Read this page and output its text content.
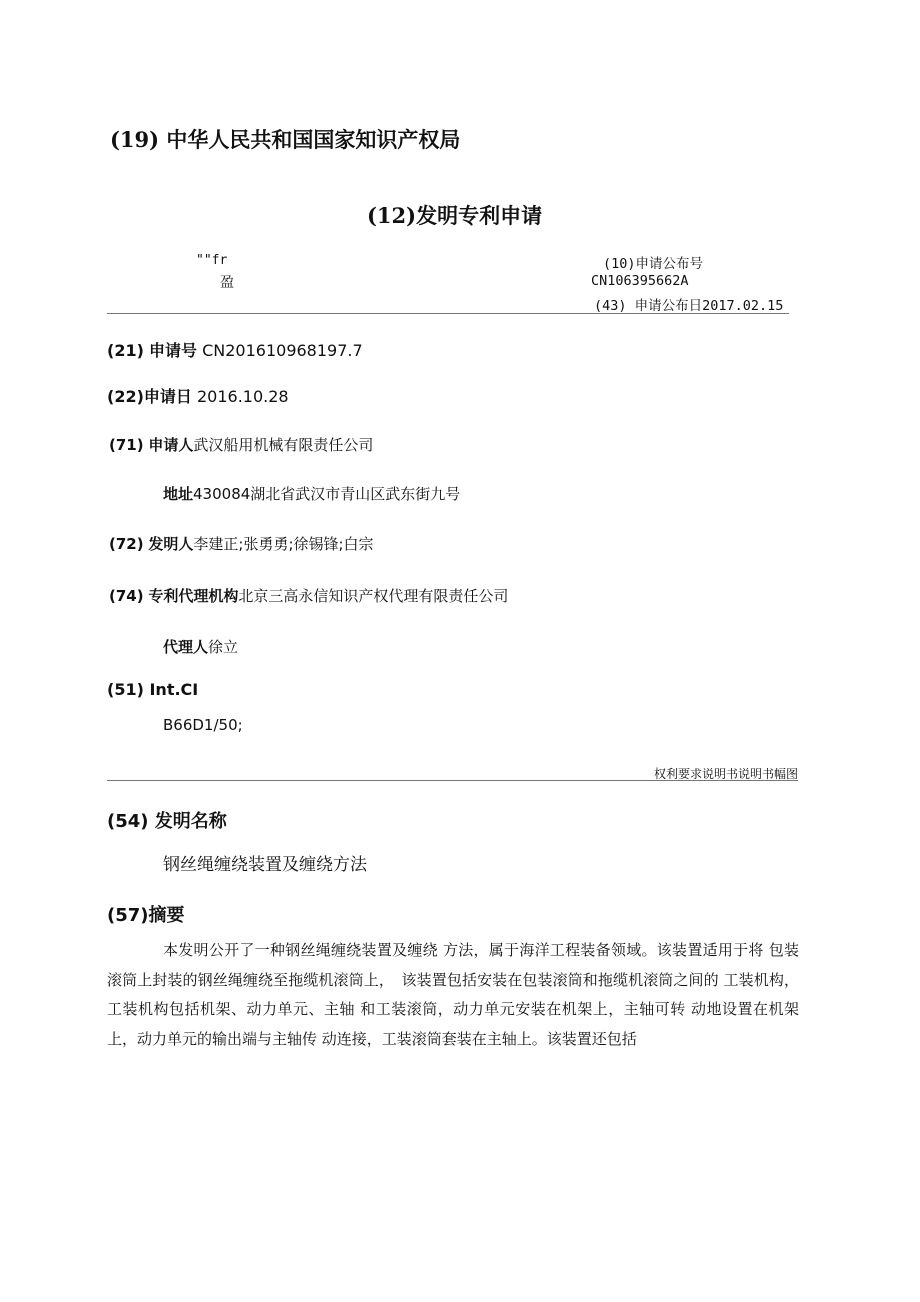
(19) 中华人民共和国国家知识产权局
(12)发明专利申请
""fr
盈
(10)申请公布号
CN106395662A
(43) 申请公布日2017.02.15
(21) 申请号 CN201610968197.7
(22)申请日 2016.10.28
(71) 申请人武汉船用机械有限责任公司
地址430084湖北省武汉市青山区武东街九号
(72) 发明人李建正;张勇勇;徐锡锋;白宗
(74) 专利代理机构北京三高永信知识产权代理有限责任公司
代理人徐立
(51) Int.CI
B66D1/50;
权利要求说明书说明书幅图
(54) 发明名称
钢丝绳缠绕装置及缠绕方法
(57)摘要

本发明公开了一种钢丝绳缠绕装置及缠绕 方法，属于海洋工程装备领域。该装置适用于将 包装滚筒上封装的钢丝绳缠绕至拖缆机滚筒上，　该装置包括安装在包装滚筒和拖缆机滚筒之间的 工装机构，工装机构包括机架、动力单元、主轴 和工装滚筒，动力单元安装在机架上，主轴可转 动地设置在机架上，动力单元的输出端与主轴传 动连接，工装滚筒套装在主轴上。该装置还包括
